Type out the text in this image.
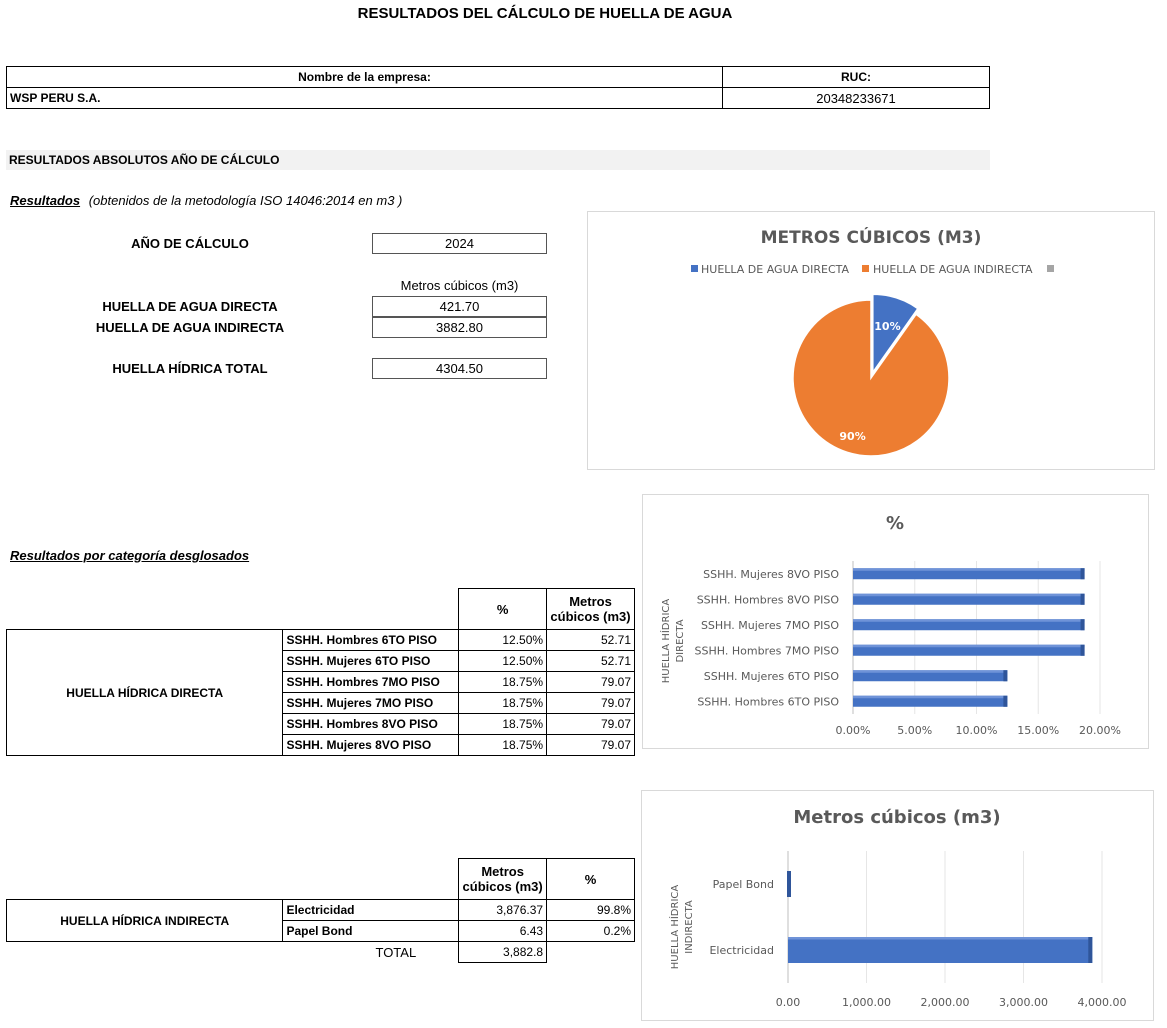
RESULTADOS DEL CÁLCULO DE HUELLA DE AGUA
Nombre de la empresa:	RUC:
WSP PERU S.A.	20348233671
RESULTADOS ABSOLUTOS AÑO DE CÁLCULO
Resultados (obtenidos de la metodología ISO 14046:2014 en m3 )
AÑO DE CÁLCULO	2024
Metros cúbicos (m3)
HUELLA DE AGUA DIRECTA	421.70
HUELLA DE AGUA INDIRECTA	3882.80
HUELLA HÍDRICA TOTAL	4304.50
METROS CÚBICOS (M3)
HUELLA DE AGUA DIRECTA HUELLA DE AGUA INDIRECTA
10%
90%
Resultados por categoría desglosados
		%	Metros cúbicos (m3)
HUELLA HÍDRICA DIRECTA	SSHH. Hombres 6TO PISO	12.50%	52.71
	SSHH. Mujeres 6TO PISO	12.50%	52.71
	SSHH. Hombres 7MO PISO	18.75%	79.07
	SSHH. Mujeres 7MO PISO	18.75%	79.07
	SSHH. Hombres 8VO PISO	18.75%	79.07
	SSHH. Mujeres 8VO PISO	18.75%	79.07
%
SSHH. Hombres 6TO PISO
SSHH. Mujeres 6TO PISO
SSHH. Hombres 7MO PISO
SSHH. Mujeres 7MO PISO
SSHH. Hombres 8VO PISO
SSHH. Mujeres 8VO PISO
0.00% 5.00% 10.00% 15.00% 20.00%
HUELLA HÍDRICA DIRECTA
		Metros cúbicos (m3)	%
HUELLA HÍDRICA INDIRECTA	Electricidad	3,876.37	99.8%
	Papel Bond	6.43	0.2%
	TOTAL	3,882.8	
Metros cúbicos (m3)
Electricidad
Papel Bond
0.00	1,000.00	2,000.00	3,000.00	4,000.00
HUELLA HÍDRICA INDIRECTA
